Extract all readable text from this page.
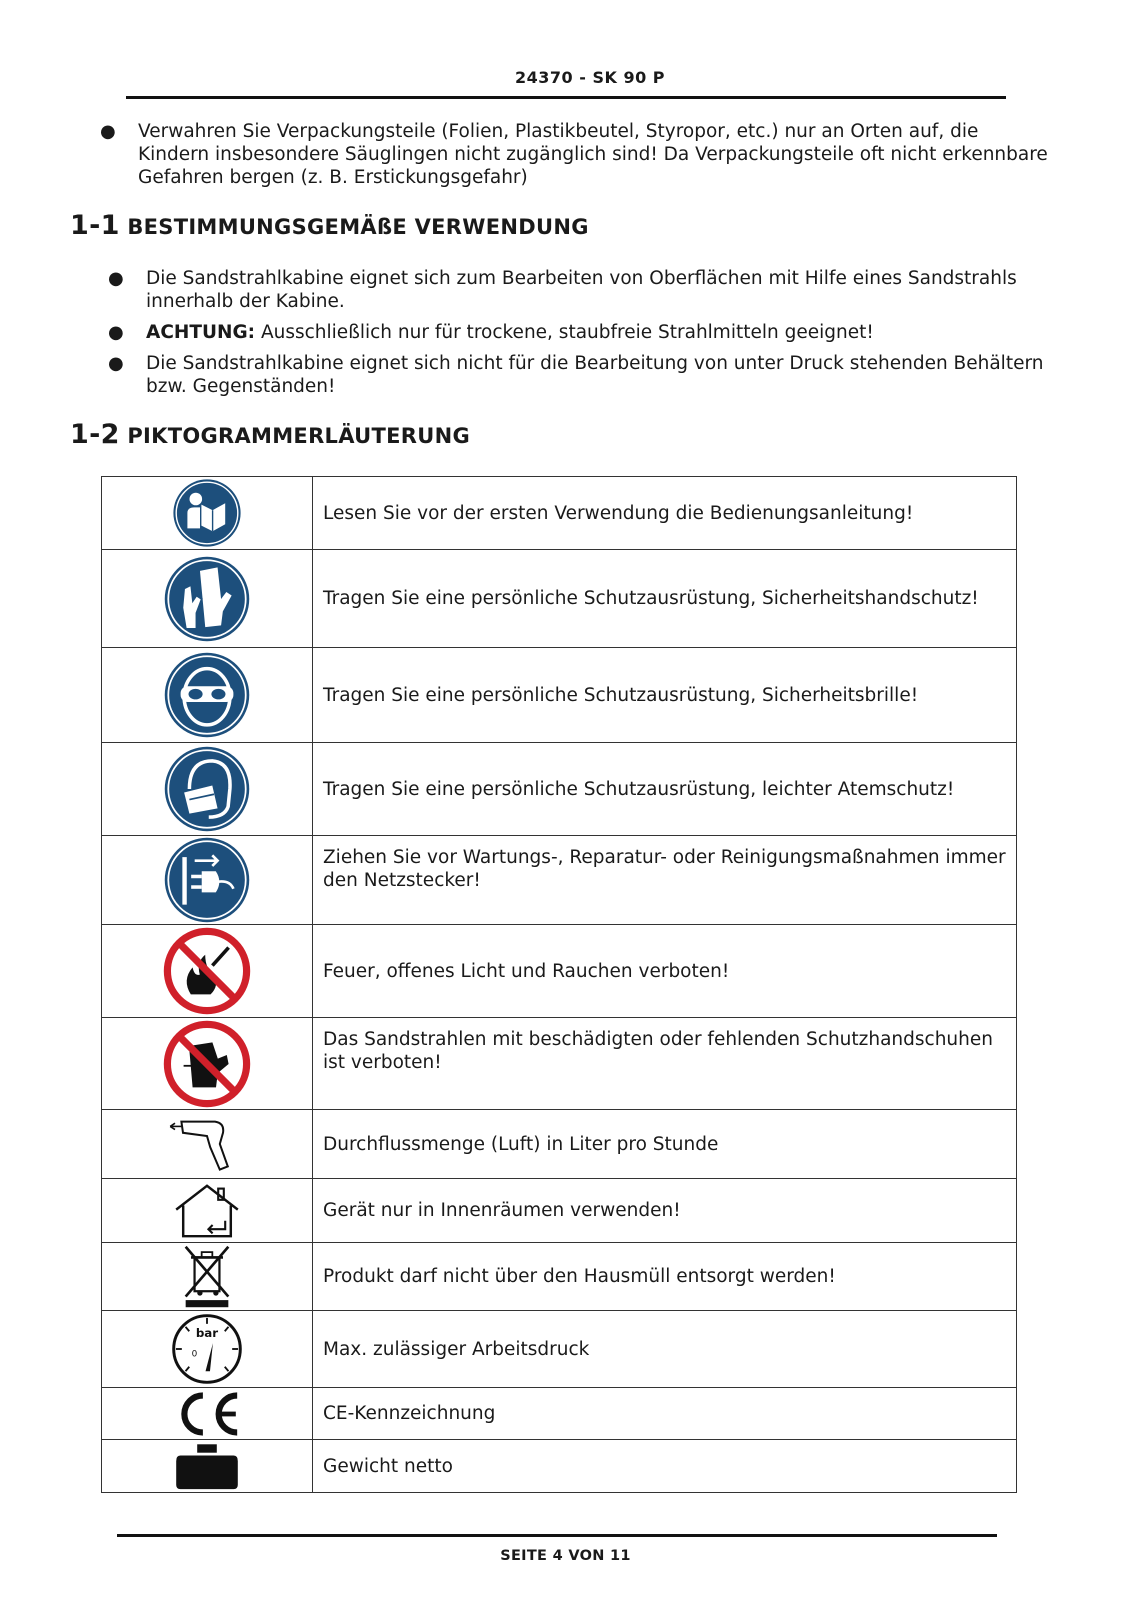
24370 - SK 90 P
● Verwahren Sie Verpackungsteile (Folien, Plastikbeutel, Styropor, etc.) nur an Orten auf, die Kindern insbesondere Säuglingen nicht zugänglich sind! Da Verpackungsteile oft nicht erkennbare Gefahren bergen (z. B. Erstickungsgefahr)
1-1 BESTIMMUNGSGEMÄßE VERWENDUNG
● Die Sandstrahlkabine eignet sich zum Bearbeiten von Oberflächen mit Hilfe eines Sandstrahls innerhalb der Kabine.
● ACHTUNG: Ausschließlich nur für trockene, staubfreie Strahlmitteln geeignet!
● Die Sandstrahlkabine eignet sich nicht für die Bearbeitung von unter Druck stehenden Behältern bzw. Gegenständen!
1-2 PIKTOGRAMMERLÄUTERUNG
	Lesen Sie vor der ersten Verwendung die Bedienungsanleitung!

	Tragen Sie eine persönliche Schutzausrüstung, Sicherheitshandschutz!

	Tragen Sie eine persönliche Schutzausrüstung, Sicherheitsbrille!

	Tragen Sie eine persönliche Schutzausrüstung, leichter Atemschutz!

	Ziehen Sie vor Wartungs-, Reparatur- oder Reinigungsmaßnahmen immer den Netzstecker!

	Feuer, offenes Licht und Rauchen verboten!

	Das Sandstrahlen mit beschädigten oder fehlenden Schutzhandschuhen ist verboten!

	Durchflussmenge (Luft) in Liter pro Stunde

	Gerät nur in Innenräumen verwenden!

	Produkt darf nicht über den Hausmüll entsorgt werden!

bar
0	Max. zulässiger Arbeitsdruck

	CE-Kennzeichnung

	Gewicht netto
SEITE 4 VON 11
